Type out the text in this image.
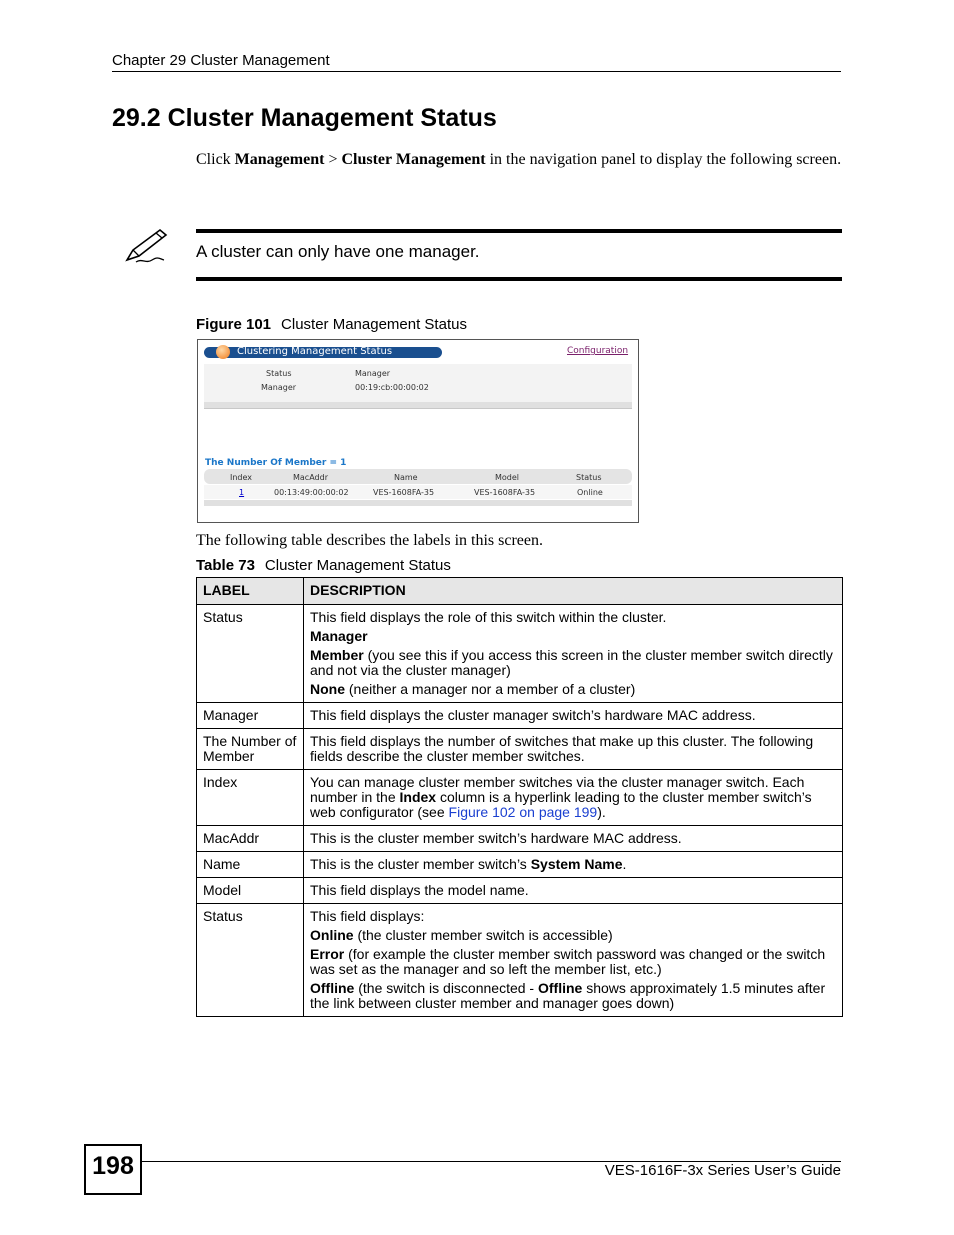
Chapter 29 Cluster Management
29.2 Cluster Management Status
Click Management > Cluster Management in the navigation panel to display the following screen.
A cluster can only have one manager.
Figure 101 Cluster Management Status
Clustering Management Status	Configuration
Status	Manager
Manager	00:19:cb:00:00:02
The Number Of Member = 1
Index	MacAddr	Name	Model	Status
1	00:13:49:00:00:02	VES-1608FA-35	VES-1608FA-35	Online
The following table describes the labels in this screen.
Table 73 Cluster Management Status
LABEL	DESCRIPTION
Status	This field displays the role of this switch within the cluster.

Manager

Member (you see this if you access this screen in the cluster member switch directly and not via the cluster manager)

None (neither a manager nor a member of a cluster)

Manager	This field displays the cluster manager switch’s hardware MAC address.
The Number of Member	This field displays the number of switches that make up this cluster. The following fields describe the cluster member switches.
Index	You can manage cluster member switches via the cluster manager switch. Each number in the Index column is a hyperlink leading to the cluster member switch’s web configurator (see Figure 102 on page 199).
MacAddr	This is the cluster member switch’s hardware MAC address.
Name	This is the cluster member switch’s System Name.
Model	This field displays the model name.
Status	This field displays:

Online (the cluster member switch is accessible)

Error (for example the cluster member switch password was changed or the switch was set as the manager and so left the member list, etc.)

Offline (the switch is disconnected - Offline shows approximately 1.5 minutes after the link between cluster member and manager goes down)

198	VES-1616F-3x Series User’s Guide
